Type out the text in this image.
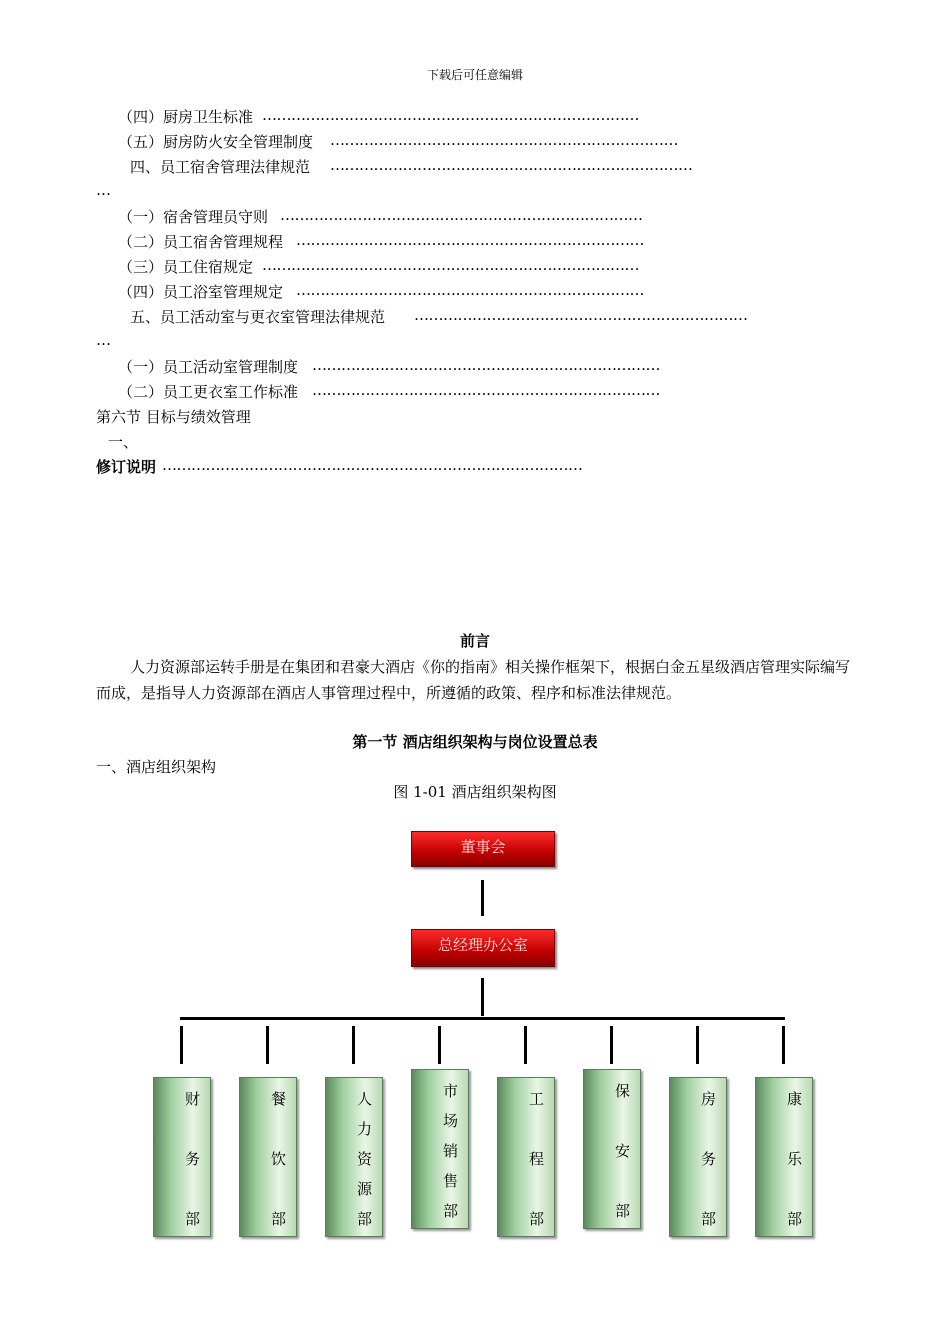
下载后可任意编辑
（四）厨房卫生标准 ……………………………………………………………………
（五）厨房防火安全管理制度 ………………………………………………………………
四、员工宿舍管理法律规范 …………………………………………………………………
…
（一）宿舍管理员守则 …………………………………………………………………
（二）员工宿舍管理规程 ………………………………………………………………
（三）员工住宿规定 ……………………………………………………………………
（四）员工浴室管理规定 ………………………………………………………………
五、员工活动室与更衣室管理法律规范 ……………………………………………………………
…
（一）员工活动室管理制度 ………………………………………………………………
（二）员工更衣室工作标准 ………………………………………………………………
第六节 目标与绩效管理
一、
修订说明 ……………………………………………………………………………
前言
人力资源部运转手册是在集团和君豪大酒店《你的指南》相关操作框架下，根据白金五星级酒店管理实际编写而成，是指导人力资源部在酒店人事管理过程中，所遵循的政策、程序和标准法律规范。
第一节 酒店组织架构与岗位设置总表
一、酒店组织架构
图 1-01 酒店组织架构图
董事会
总经理办公室
财
务
部
餐
饮
部
人
力
资
源
部
市
场
销
售
部
工
程
部
保
安
部
房
务
部
康
乐
部
